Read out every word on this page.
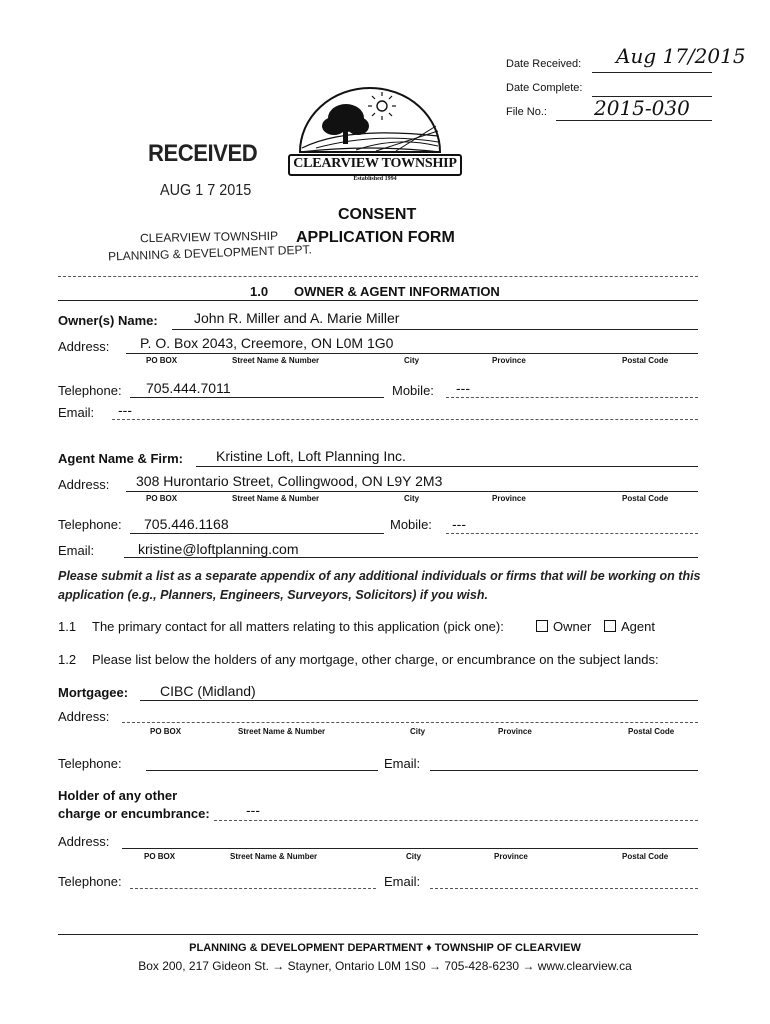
Date Received: Aug 17/2015
Date Complete:
File No.: 2015-030
CLEARVIEW TOWNSHIP
Established 1994
RECEIVED
AUG 1 7 2015
CLEARVIEW TOWNSHIP
PLANNING & DEVELOPMENT DEPT.
CONSENT
APPLICATION FORM
1.0 OWNER & AGENT INFORMATION
Owner(s) Name:	John R. Miller and A. Marie Miller
Address: P. O. Box 2043, Creemore, ON L0M 1G0
PO BOX	Street Name & Number	City	Province	Postal Code
Telephone: 705.444.7011	Mobile: ---
Email: ---
Agent Name & Firm: Kristine Loft, Loft Planning Inc.
Address: 308 Hurontario Street, Collingwood, ON L9Y 2M3
PO BOX	Street Name & Number	City	Province	Postal Code
Telephone: 705.446.1168	Mobile: ---
Email:	kristine@loftplanning.com
Please submit a list as a separate appendix of any additional individuals or firms that will be working on this application (e.g., Planners, Engineers, Surveyors, Solicitors) if you wish.
1.1 The primary contact for all matters relating to this application (pick one):	Owner	Agent
1.2 Please list below the holders of any mortgage, other charge, or encumbrance on the subject lands:
Mortgagee: CIBC (Midland)
Address:
PO BOX	Street Name & Number	City	Province	Postal Code
Telephone:	Email:
Holder of any other
charge or encumbrance:	---
Address:
PO BOX	Street Name & Number	City	Province	Postal Code
Telephone:	Email:
PLANNING & DEVELOPMENT DEPARTMENT ♦ TOWNSHIP OF CLEARVIEW
Box 200, 217 Gideon St. → Stayner, Ontario L0M 1S0 → 705-428-6230 → www.clearview.ca
